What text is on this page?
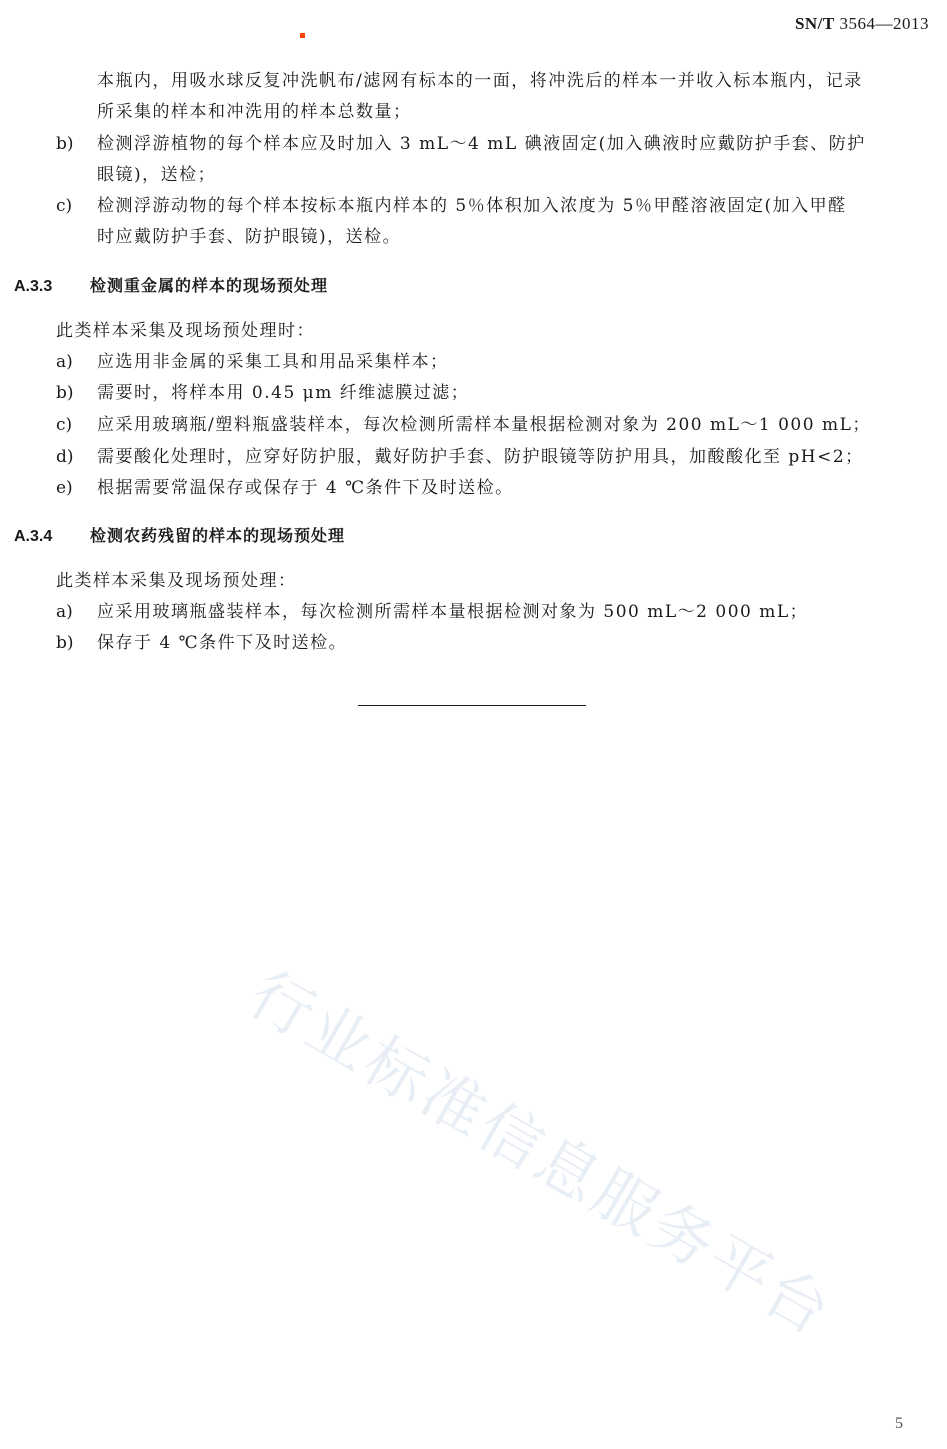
SN/T 3564—2013
本瓶内，用吸水球反复冲洗帆布/滤网有标本的一面，将冲洗后的样本一并收入标本瓶内，记录
所采集的样本和冲洗用的样本总数量；
b) 检测浮游植物的每个样本应及时加入 3 mL～4 mL 碘液固定(加入碘液时应戴防护手套、防护
眼镜)，送检；
c) 检测浮游动物的每个样本按标本瓶内样本的 5％体积加入浓度为 5％甲醛溶液固定(加入甲醛
时应戴防护手套、防护眼镜)，送检。
A.3.3 检测重金属的样本的现场预处理
此类样本采集及现场预处理时：
a) 应选用非金属的采集工具和用品采集样本；
b) 需要时，将样本用 0.45 μm 纤维滤膜过滤；
c) 应采用玻璃瓶/塑料瓶盛装样本，每次检测所需样本量根据检测对象为 200 mL～1 000 mL；
d) 需要酸化处理时，应穿好防护服，戴好防护手套、防护眼镜等防护用具，加酸酸化至 pH<2；
e) 根据需要常温保存或保存于 4 ℃条件下及时送检。
A.3.4 检测农药残留的样本的现场预处理
此类样本采集及现场预处理：
a) 应采用玻璃瓶盛装样本，每次检测所需样本量根据检测对象为 500 mL～2 000 mL；
b) 保存于 4 ℃条件下及时送检。
行业标准信息服务平台
5
